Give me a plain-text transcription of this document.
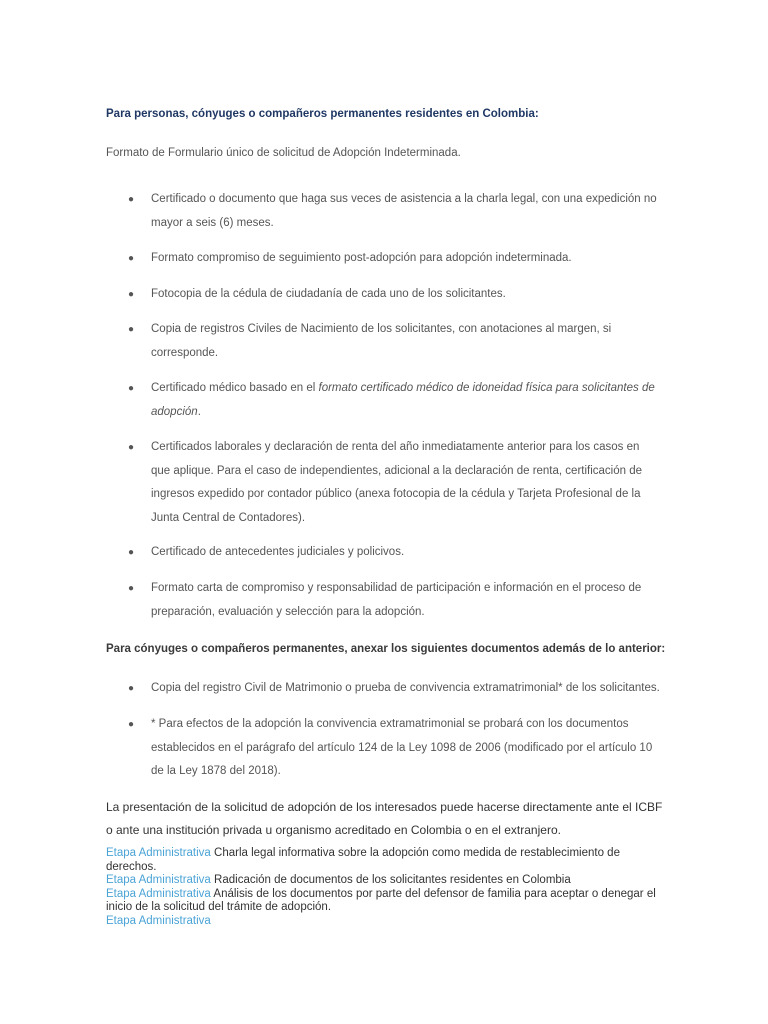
Para personas, cónyuges o compañeros permanentes residentes en Colombia:

Formato de Formulario único de solicitud de Adopción Indeterminada.

● Certificado o documento que haga sus veces de asistencia a la charla legal, con una expedición no mayor a seis (6) meses.

● Formato compromiso de seguimiento post-adopción para adopción indeterminada.

● Fotocopia de la cédula de ciudadanía de cada uno de los solicitantes.

● Copia de registros Civiles de Nacimiento de los solicitantes, con anotaciones al margen, si corresponde.

● Certificado médico basado en el formato certificado médico de idoneidad física para solicitantes de adopción.

● Certificados laborales y declaración de renta del año inmediatamente anterior para los casos en que aplique. Para el caso de independientes, adicional a la declaración de renta, certificación de ingresos expedido por contador público (anexa fotocopia de la cédula y Tarjeta Profesional de la Junta Central de Contadores).

● Certificado de antecedentes judiciales y policivos.

● Formato carta de compromiso y responsabilidad de participación e información en el proceso de preparación, evaluación y selección para la adopción.

Para cónyuges o compañeros permanentes, anexar los siguientes documentos además de lo anterior:

● Copia del registro Civil de Matrimonio o prueba de convivencia extramatrimonial* de los solicitantes.

● * Para efectos de la adopción la convivencia extramatrimonial se probará con los documentos establecidos en el parágrafo del artículo 124 de la Ley 1098 de 2006 (modificado por el artículo 10 de la Ley 1878 del 2018).

La presentación de la solicitud de adopción de los interesados puede hacerse directamente ante el ICBF o ante una institución privada u organismo acreditado en Colombia o en el extranjero.

Etapa Administrativa Charla legal informativa sobre la adopción como medida de restablecimiento de derechos.

Etapa Administrativa Radicación de documentos de los solicitantes residentes en Colombia

Etapa Administrativa Análisis de los documentos por parte del defensor de familia para aceptar o denegar el inicio de la solicitud del trámite de adopción.

Etapa Administrativa
